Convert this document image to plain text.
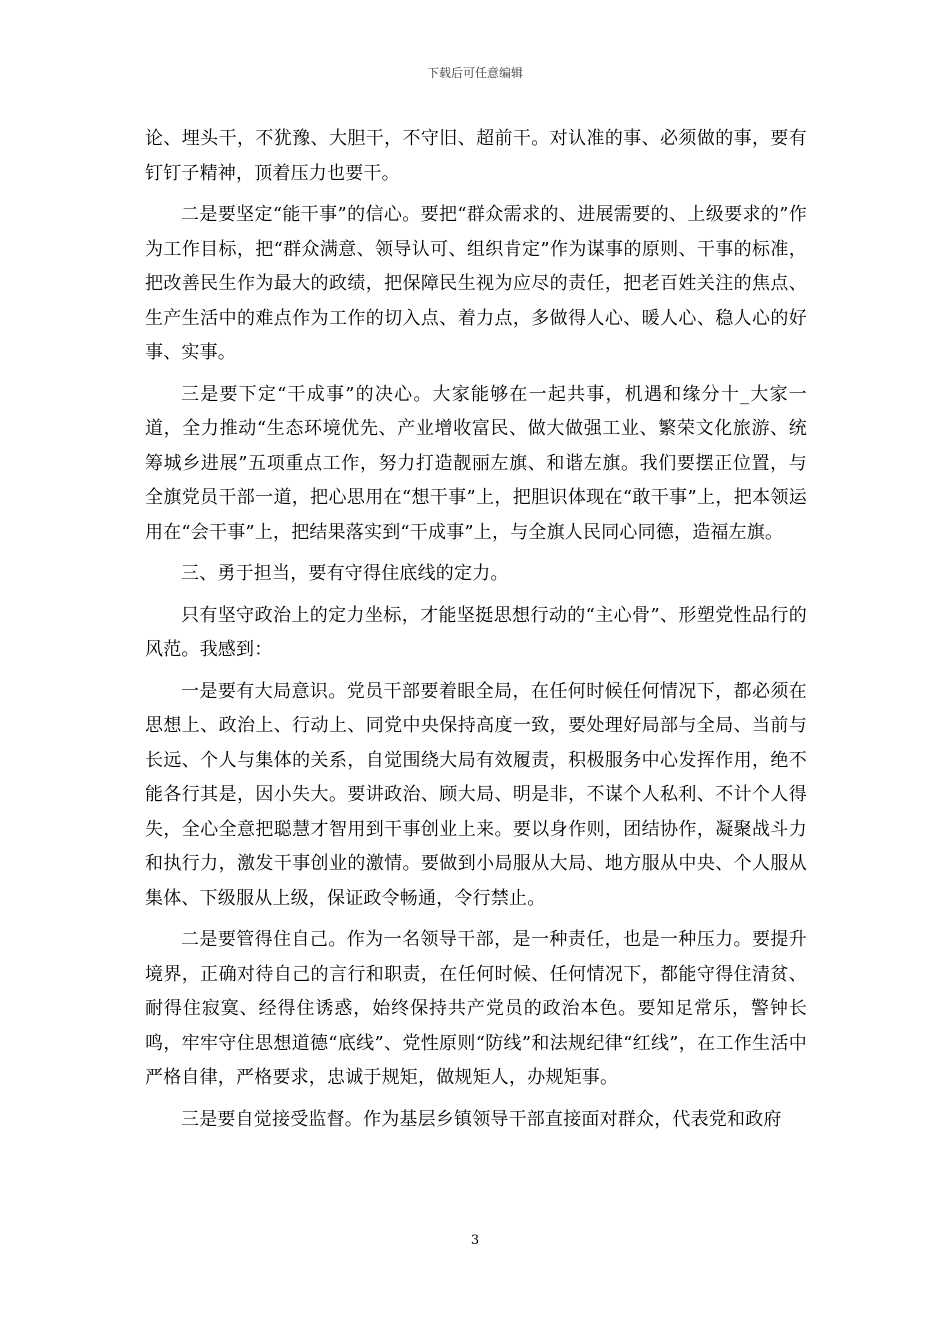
下载后可任意编辑

论、埋头干，不犹豫、大胆干，不守旧、超前干。对认准的事、必须做的事，要有钉钉子精神，顶着压力也要干。

二是要坚定“能干事”的信心。要把“群众需求的、进展需要的、上级要求的”作为工作目标，把“群众满意、领导认可、组织肯定”作为谋事的原则、干事的标准，把改善民生作为最大的政绩，把保障民生视为应尽的责任，把老百姓关注的焦点、生产生活中的难点作为工作的切入点、着力点，多做得人心、暖人心、稳人心的好事、实事。

三是要下定“干成事”的决心。大家能够在一起共事，机遇和缘分十_大家一道，全力推动“生态环境优先、产业增收富民、做大做强工业、繁荣文化旅游、统筹城乡进展”五项重点工作，努力打造靓丽左旗、和谐左旗。我们要摆正位置，与全旗党员干部一道，把心思用在“想干事”上，把胆识体现在“敢干事”上，把本领运用在“会干事”上，把结果落实到“干成事”上，与全旗人民同心同德，造福左旗。

三、勇于担当，要有守得住底线的定力。

只有坚守政治上的定力坐标，才能坚挺思想行动的“主心骨”、形塑党性品行的风范。我感到：

一是要有大局意识。党员干部要着眼全局，在任何时候任何情况下，都必须在思想上、政治上、行动上、同党中央保持高度一致，要处理好局部与全局、当前与长远、个人与集体的关系，自觉围绕大局有效履责，积极服务中心发挥作用，绝不能各行其是，因小失大。要讲政治、顾大局、明是非，不谋个人私利、不计个人得失，全心全意把聪慧才智用到干事创业上来。要以身作则，团结协作，凝聚战斗力和执行力，激发干事创业的激情。要做到小局服从大局、地方服从中央、个人服从集体、下级服从上级，保证政令畅通，令行禁止。

二是要管得住自己。作为一名领导干部，是一种责任，也是一种压力。要提升境界，正确对待自己的言行和职责，在任何时候、任何情况下，都能守得住清贫、耐得住寂寞、经得住诱惑，始终保持共产党员的政治本色。要知足常乐，警钟长鸣，牢牢守住思想道德“底线”、党性原则“防线”和法规纪律“红线”，在工作生活中严格自律，严格要求，忠诚于规矩，做规矩人，办规矩事。

三是要自觉接受监督。作为基层乡镇领导干部直接面对群众，代表党和政府

3
